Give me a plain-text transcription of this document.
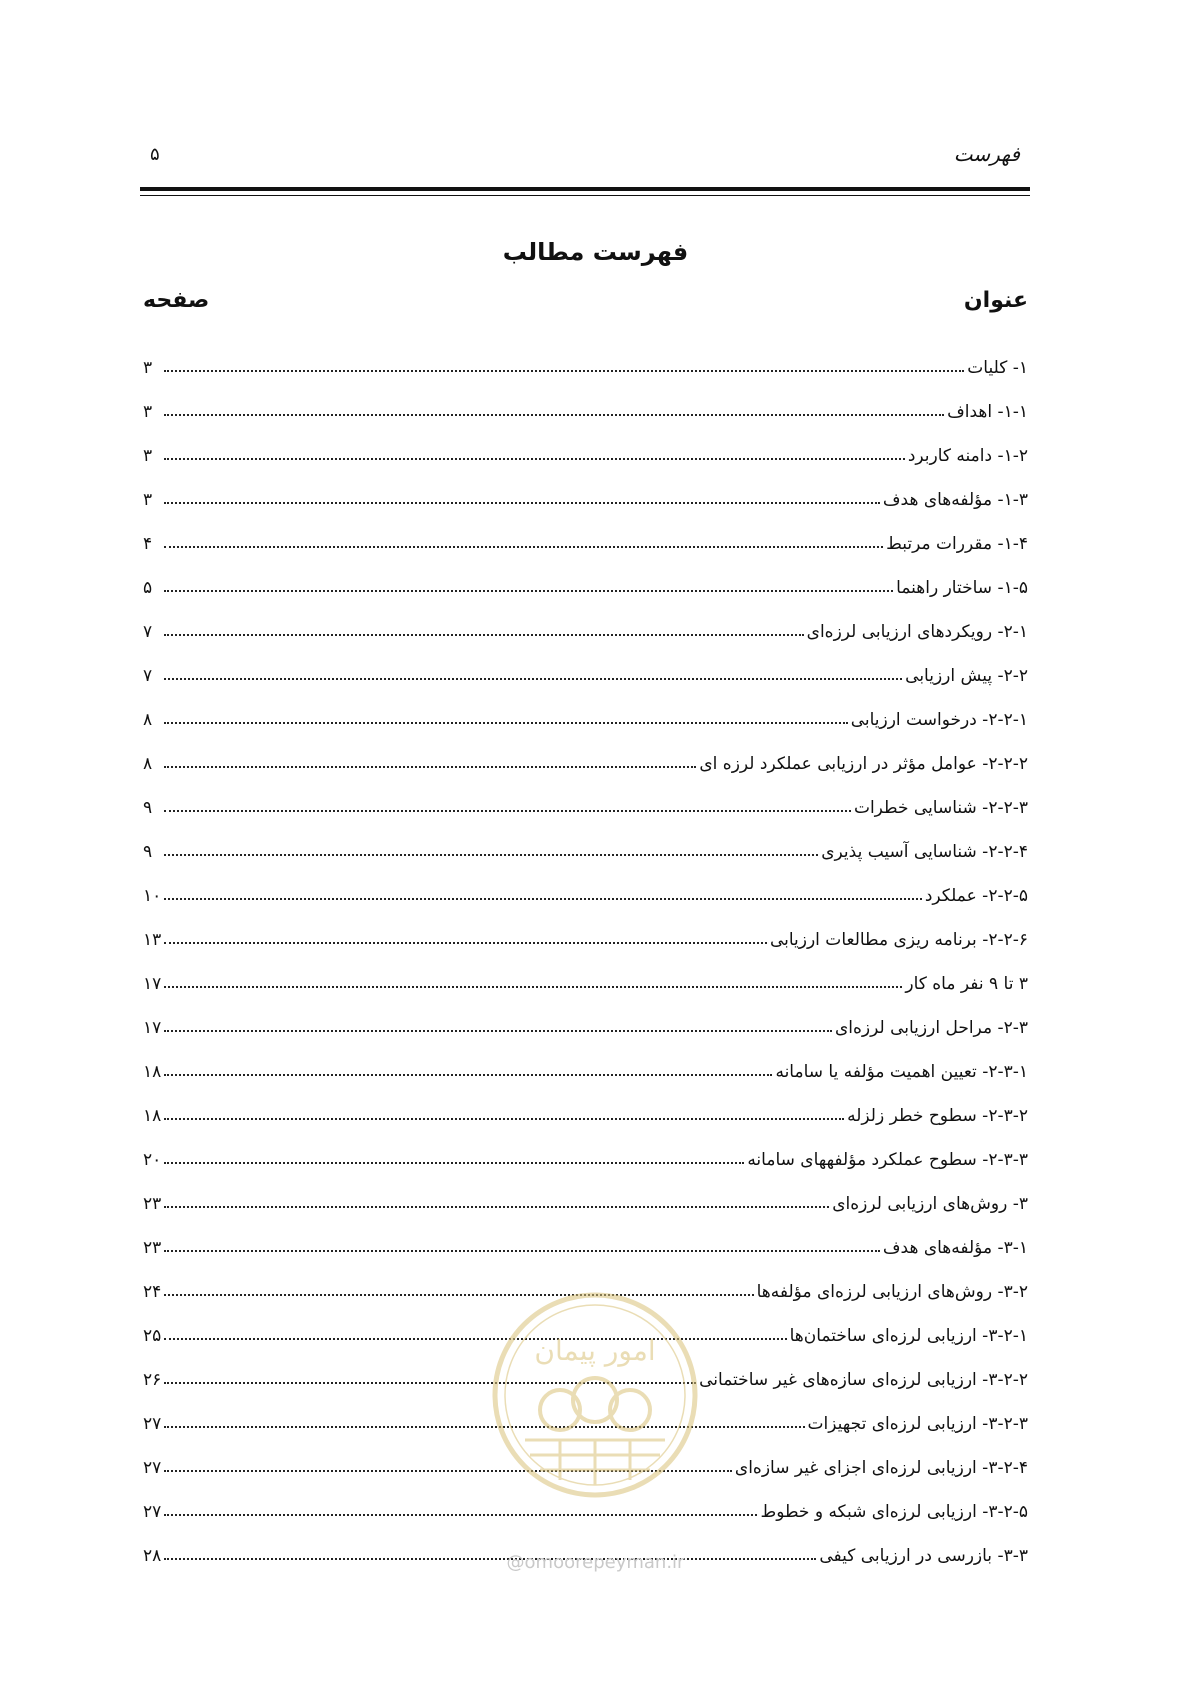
فهرست
۵
فهرست مطالب
عنوان
صفحه
۱- کلیات
۳
۱-۱- اهداف
۳
۱-۲- دامنه کاربرد
۳
۱-۳- مؤلفه‌های هدف
۳
۱-۴- مقررات مرتبط
۴
۱-۵- ساختار راهنما
۵
۲-۱- رویکردهای ارزیابی لرزه‌ای
۷
۲-۲- پیش ارزیابی
۷
۲-۲-۱- درخواست ارزیابی
۸
۲-۲-۲- عوامل مؤثر در ارزیابی عملکرد لرزه ای
۸
۲-۲-۳- شناسایی خطرات
۹
۲-۲-۴- شناسایی آسیب پذیری
۹
۲-۲-۵- عملکرد
۱۰
۲-۲-۶- برنامه ریزی مطالعات ارزیابی
۱۳
۳ تا ۹ نفر ماه کار
۱۷
۲-۳- مراحل ارزیابی لرزه‌ای
۱۷
۲-۳-۱- تعیین اهمیت مؤلفه یا سامانه
۱۸
۲-۳-۲- سطوح خطر زلزله
۱۸
۲-۳-۳- سطوح عملکرد مؤلفههای سامانه
۲۰
۳- روش‌های ارزیابی لرزه‌ای
۲۳
۳-۱- مؤلفه‌های هدف
۲۳
۳-۲- روش‌های ارزیابی لرزه‌ای مؤلفه‌ها
۲۴
۳-۲-۱- ارزیابی لرزه‌ای ساختمان‌ها
۲۵
۳-۲-۲- ارزیابی لرزه‌ای سازه‌های غیر ساختمانی
۲۶
۳-۲-۳- ارزیابی لرزه‌ای تجهیزات
۲۷
۳-۲-۴- ارزیابی لرزه‌ای اجزای غیر سازه‌ای
۲۷
۳-۲-۵- ارزیابی لرزه‌ای شبکه و خطوط
۲۷
۳-۳- بازرسی در ارزیابی کیفی
۲۸
امور پیمان
@omoorepeyman.ir
